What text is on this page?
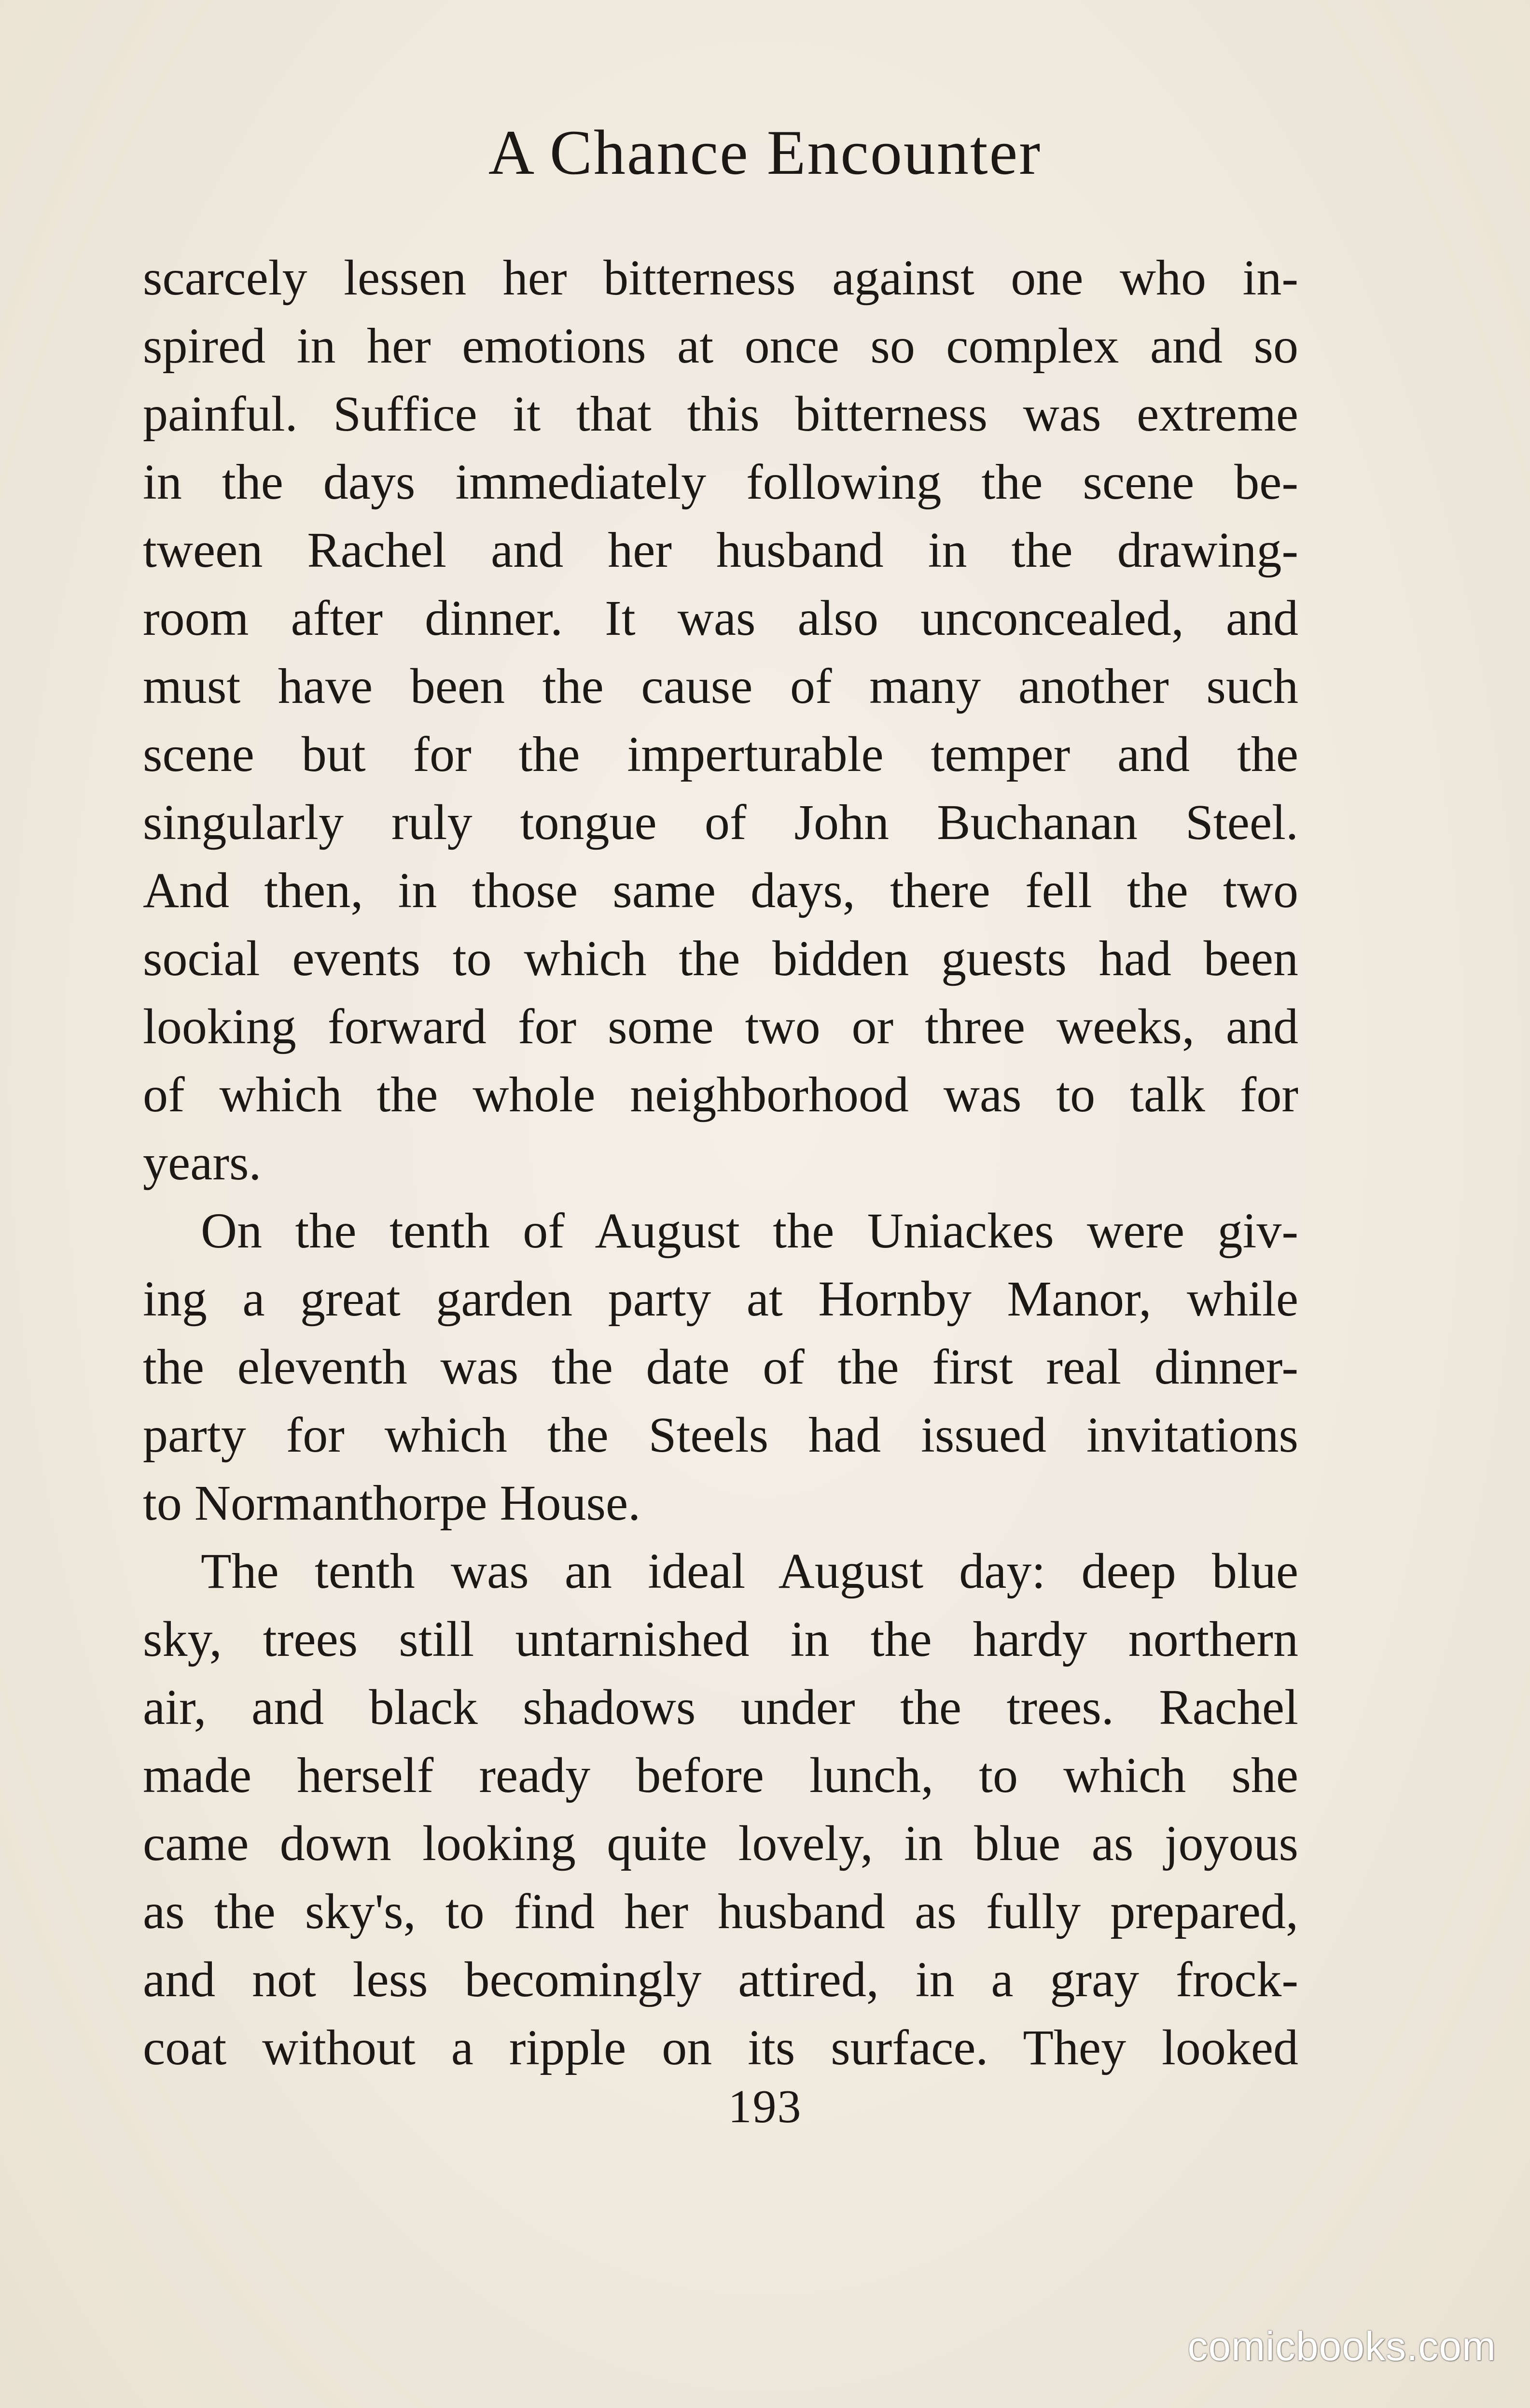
A Chance Encounter
scarcely lessen her bitterness against one who in-
spired in her emotions at once so complex and so
painful. Suffice it that this bitterness was extreme
in the days immediately following the scene be-
tween Rachel and her husband in the drawing-
room after dinner. It was also unconcealed, and
must have been the cause of many another such
scene but for the imperturable temper and the
singularly ruly tongue of John Buchanan Steel.
And then, in those same days, there fell the two
social events to which the bidden guests had been
looking forward for some two or three weeks, and
of which the whole neighborhood was to talk for
years.
On the tenth of August the Uniackes were giv-
ing a great garden party at Hornby Manor, while
the eleventh was the date of the first real dinner-
party for which the Steels had issued invitations
to Normanthorpe House.
The tenth was an ideal August day: deep blue
sky, trees still untarnished in the hardy northern
air, and black shadows under the trees. Rachel
made herself ready before lunch, to which she
came down looking quite lovely, in blue as joyous
as the sky's, to find her husband as fully prepared,
and not less becomingly attired, in a gray frock-
coat without a ripple on its surface. They looked
193
comicbooks.com
